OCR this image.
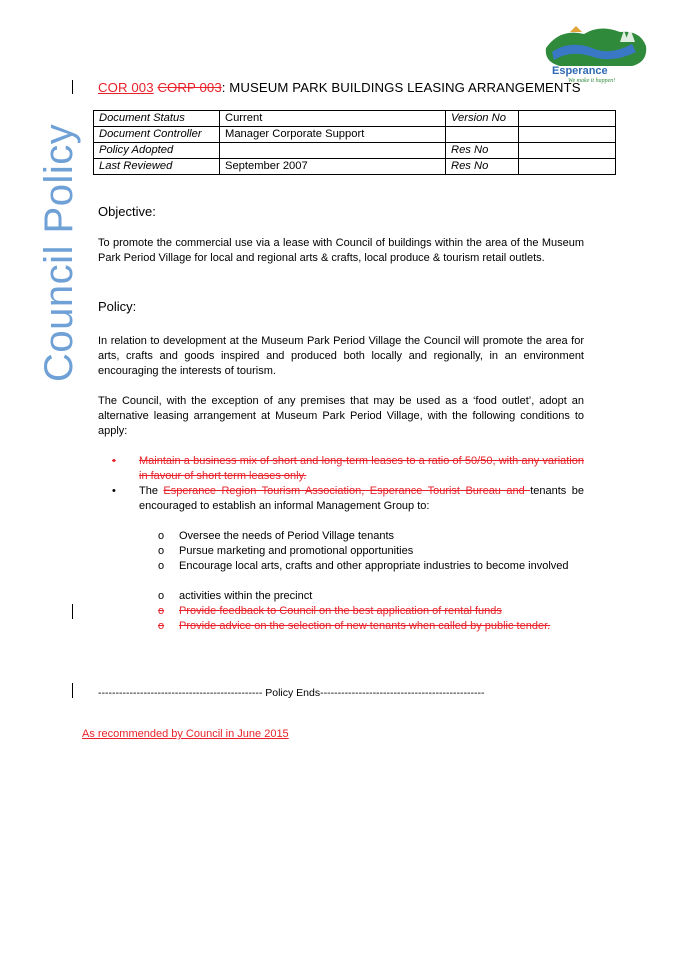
Council Policy
Shire of
Esperance
We make it happen!
COR 003 CORP 003: MUSEUM PARK BUILDINGS LEASING ARRANGEMENTS
Document Status	Current	Version No	
Document Controller	Manager Corporate Support		
Policy Adopted		Res No	
Last Reviewed	September 2007	Res No	
Objective:
To promote the commercial use via a lease with Council of buildings within the area of the Museum Park Period Village for local and regional arts & crafts, local produce & tourism retail outlets.
Policy:
In relation to development at the Museum Park Period Village the Council will promote the area for arts, crafts and goods inspired and produced both locally and regionally, in an environment encouraging the interests of tourism.
The Council, with the exception of any premises that may be used as a ‘food outlet’, adopt an alternative leasing arrangement at Museum Park Period Village, with the following conditions to apply:
• Maintain a business mix of short and long-term leases to a ratio of 50/50, with any variation in favour of short term leases only.
• The Esperance Region Tourism Association, Esperance Tourist Bureau and tenants be encouraged to establish an informal Management Group to:
o Oversee the needs of Period Village tenants
o Pursue marketing and promotional opportunities
o Encourage local arts, crafts and other appropriate industries to become involved
o activities within the precinct
o Provide feedback to Council on the best application of rental funds
o Provide advice on the selection of new tenants when called by public tender.
----------------------------------------------- Policy Ends-----------------------------------------------
As recommended by Council in June 2015
